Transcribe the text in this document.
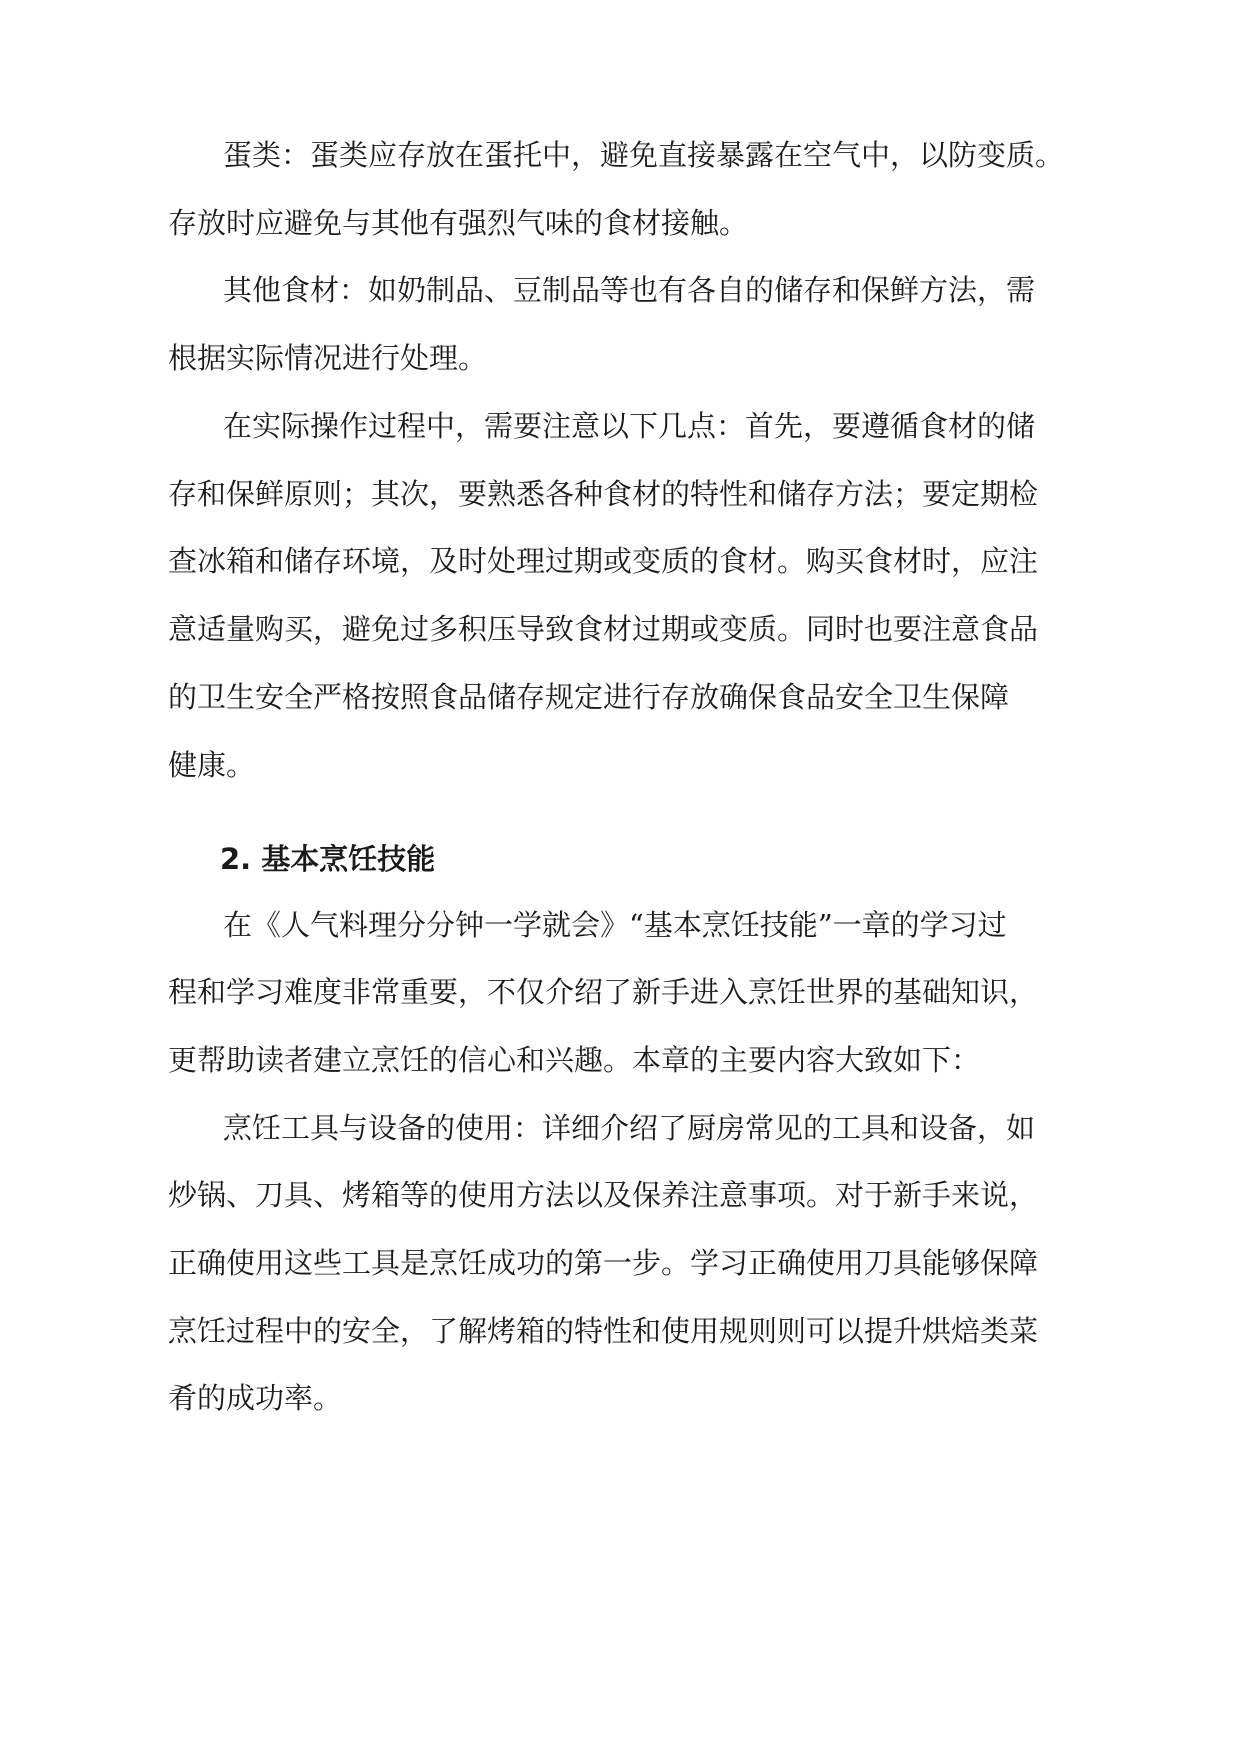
蛋类：蛋类应存放在蛋托中，避免直接暴露在空气中，以防变质。
存放时应避免与其他有强烈气味的食材接触。
其他食材：如奶制品、豆制品等也有各自的储存和保鲜方法，需
根据实际情况进行处理。
在实际操作过程中，需要注意以下几点：首先，要遵循食材的储
存和保鲜原则；其次，要熟悉各种食材的特性和储存方法；要定期检
查冰箱和储存环境，及时处理过期或变质的食材。购买食材时，应注
意适量购买，避免过多积压导致食材过期或变质。同时也要注意食品
的卫生安全严格按照食品储存规定进行存放确保食品安全卫生保障
健康。
2. 基本烹饪技能
在《人气料理分分钟一学就会》“基本烹饪技能”一章的学习过
程和学习难度非常重要，不仅介绍了新手进入烹饪世界的基础知识，
更帮助读者建立烹饪的信心和兴趣。本章的主要内容大致如下：
烹饪工具与设备的使用：详细介绍了厨房常见的工具和设备，如
炒锅、刀具、烤箱等的使用方法以及保养注意事项。对于新手来说，
正确使用这些工具是烹饪成功的第一步。学习正确使用刀具能够保障
烹饪过程中的安全，了解烤箱的特性和使用规则则可以提升烘焙类菜
肴的成功率。
